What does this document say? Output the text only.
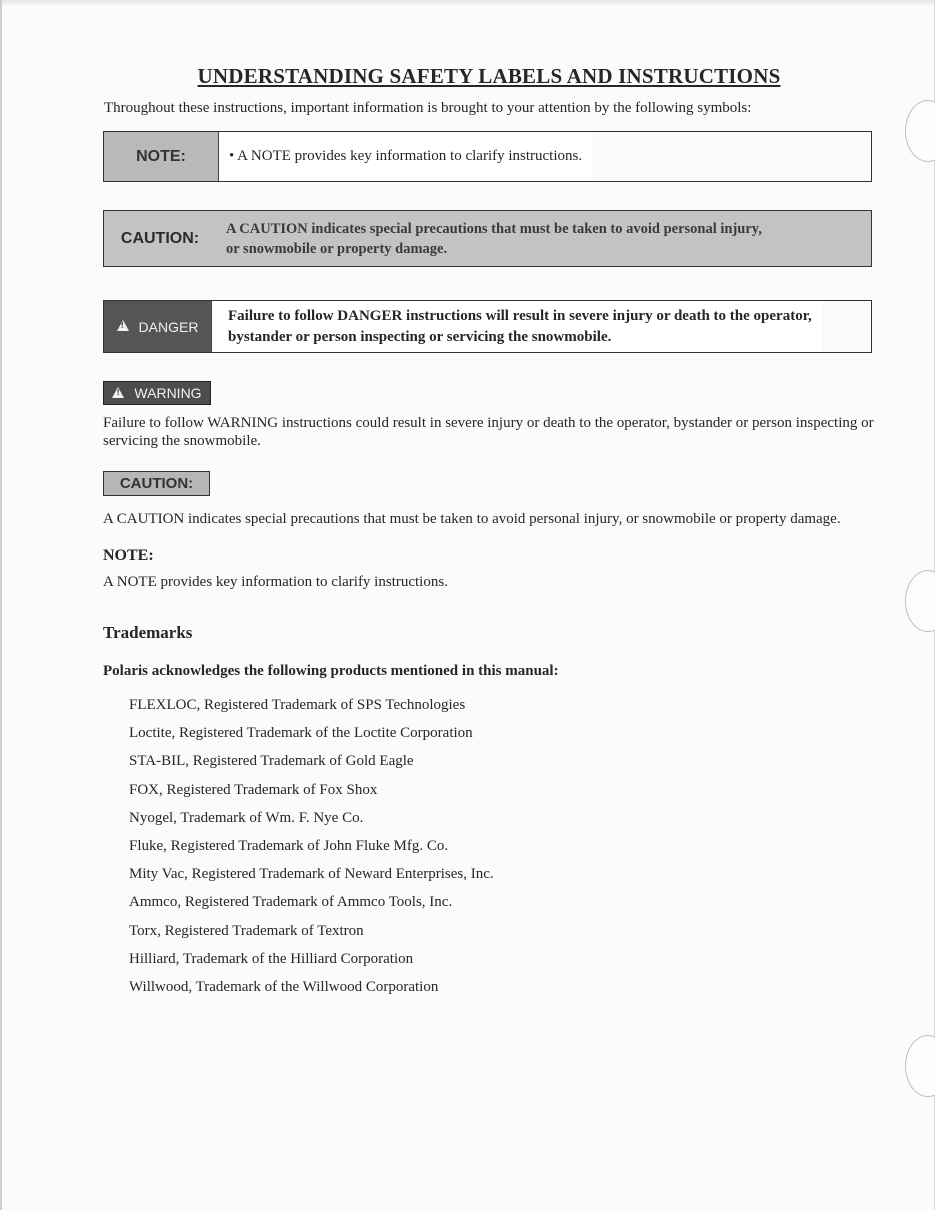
UNDERSTANDING SAFETY LABELS AND INSTRUCTIONS
Throughout these instructions, important information is brought to your attention by the following symbols:
NOTE:	• A NOTE provides key information to clarify instructions.
CAUTION:
A CAUTION indicates special precautions that must be taken to avoid personal injury,
or snowmobile or property damage.
!
DANGER
Failure to follow DANGER instructions will result in severe injury or death to the operator,
bystander or person inspecting or servicing the snowmobile.
!
WARNING
Failure to follow WARNING instructions could result in severe injury or death to the operator, bystander or person inspecting or servicing the snowmobile.
CAUTION:
A CAUTION indicates special precautions that must be taken to avoid personal injury, or snowmobile or property damage.
NOTE:
A NOTE provides key information to clarify instructions.
Trademarks
Polaris acknowledges the following products mentioned in this manual:
FLEXLOC, Registered Trademark of SPS Technologies
Loctite, Registered Trademark of the Loctite Corporation
STA-BIL, Registered Trademark of Gold Eagle
FOX, Registered Trademark of Fox Shox
Nyogel, Trademark of Wm. F. Nye Co.
Fluke, Registered Trademark of John Fluke Mfg. Co.
Mity Vac, Registered Trademark of Neward Enterprises, Inc.
Ammco, Registered Trademark of Ammco Tools, Inc.
Torx, Registered Trademark of Textron
Hilliard, Trademark of the Hilliard Corporation
Willwood, Trademark of the Willwood Corporation
